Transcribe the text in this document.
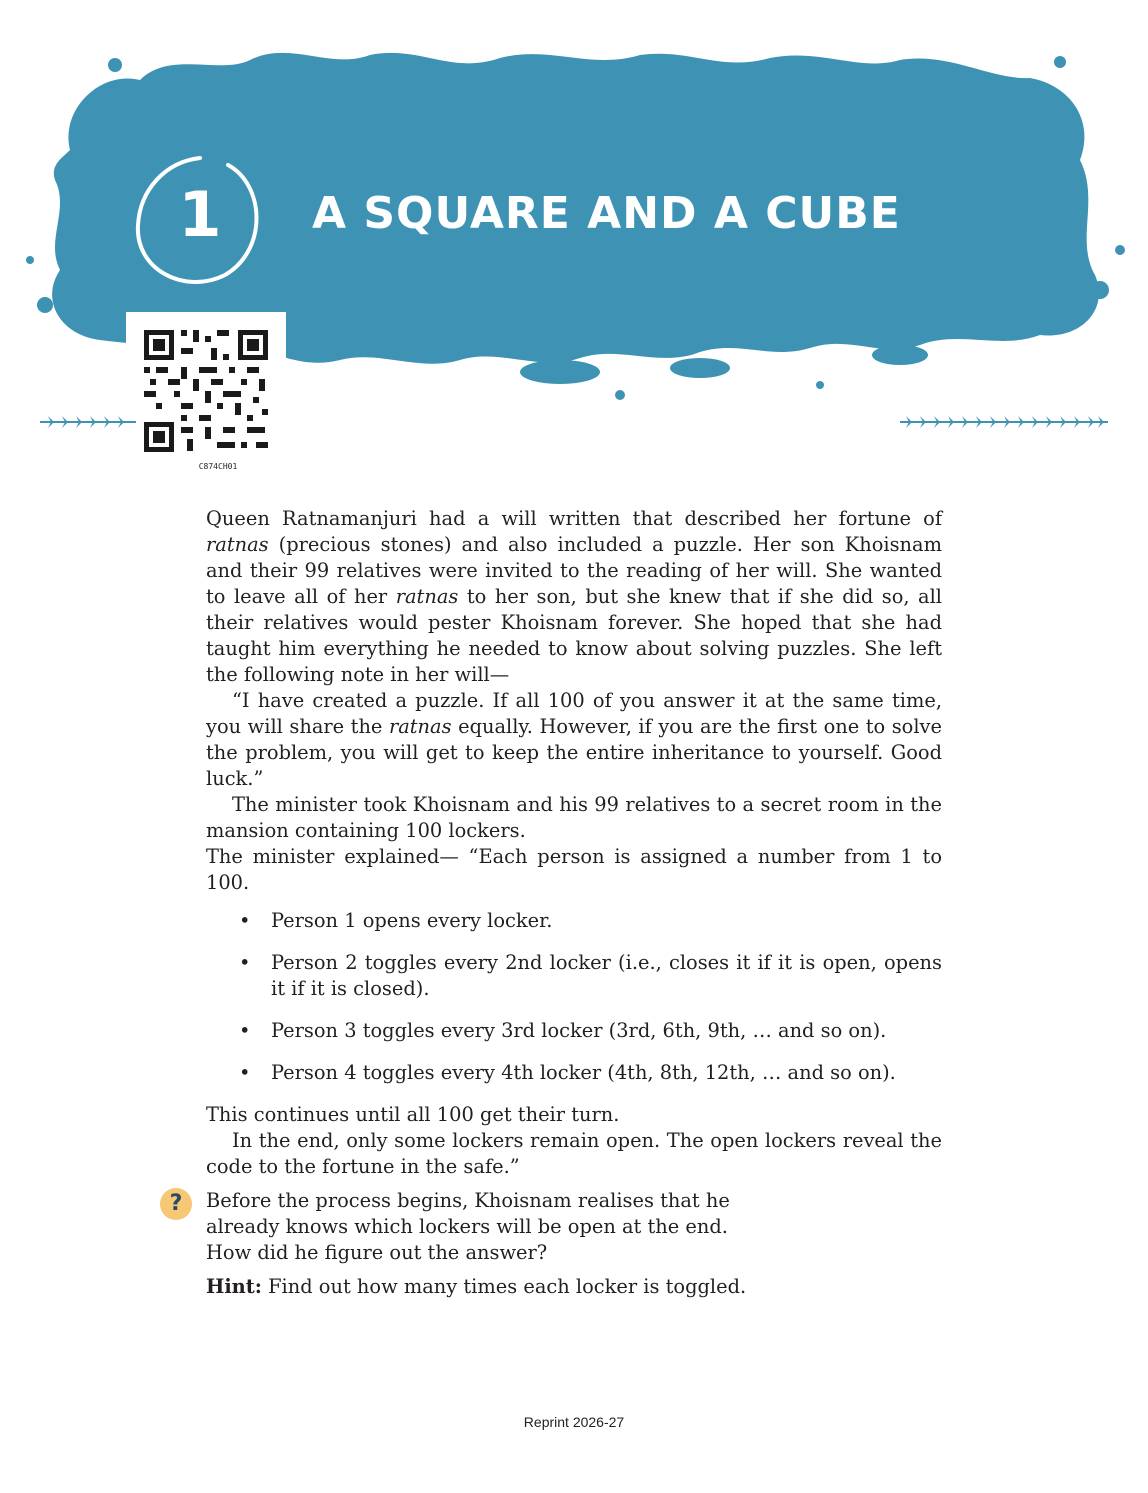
1 A SQUARE AND A CUBE
C874CH01

Queen Ratnamanjuri had a will written that described her fortune of ratnas (precious stones) and also included a puzzle. Her son Khoisnam and their 99 relatives were invited to the reading of her will. She wanted to leave all of her ratnas to her son, but she knew that if she did so, all their relatives would pester Khoisnam forever. She hoped that she had taught him everything he needed to know about solving puzzles. She left the following note in her will—

“I have created a puzzle. If all 100 of you answer it at the same time, you will share the ratnas equally. However, if you are the first one to solve the problem, you will get to keep the entire inheritance to yourself. Good luck.”

The minister took Khoisnam and his 99 relatives to a secret room in the mansion containing 100 lockers.

The minister explained— “Each person is assigned a number from 1 to 100.

• Person 1 opens every locker.
• Person 2 toggles every 2nd locker (i.e., closes it if it is open, opens it if it is closed).
• Person 3 toggles every 3rd locker (3rd, 6th, 9th, … and so on).
• Person 4 toggles every 4th locker (4th, 8th, 12th, … and so on).

This continues until all 100 get their turn.

In the end, only some lockers remain open. The open lockers reveal the code to the fortune in the safe.”

?	Before the process begins, Khoisnam realises that he already knows which lockers will be open at the end. How did he figure out the answer?

Hint: Find out how many times each locker is toggled.

Reprint 2026-27
